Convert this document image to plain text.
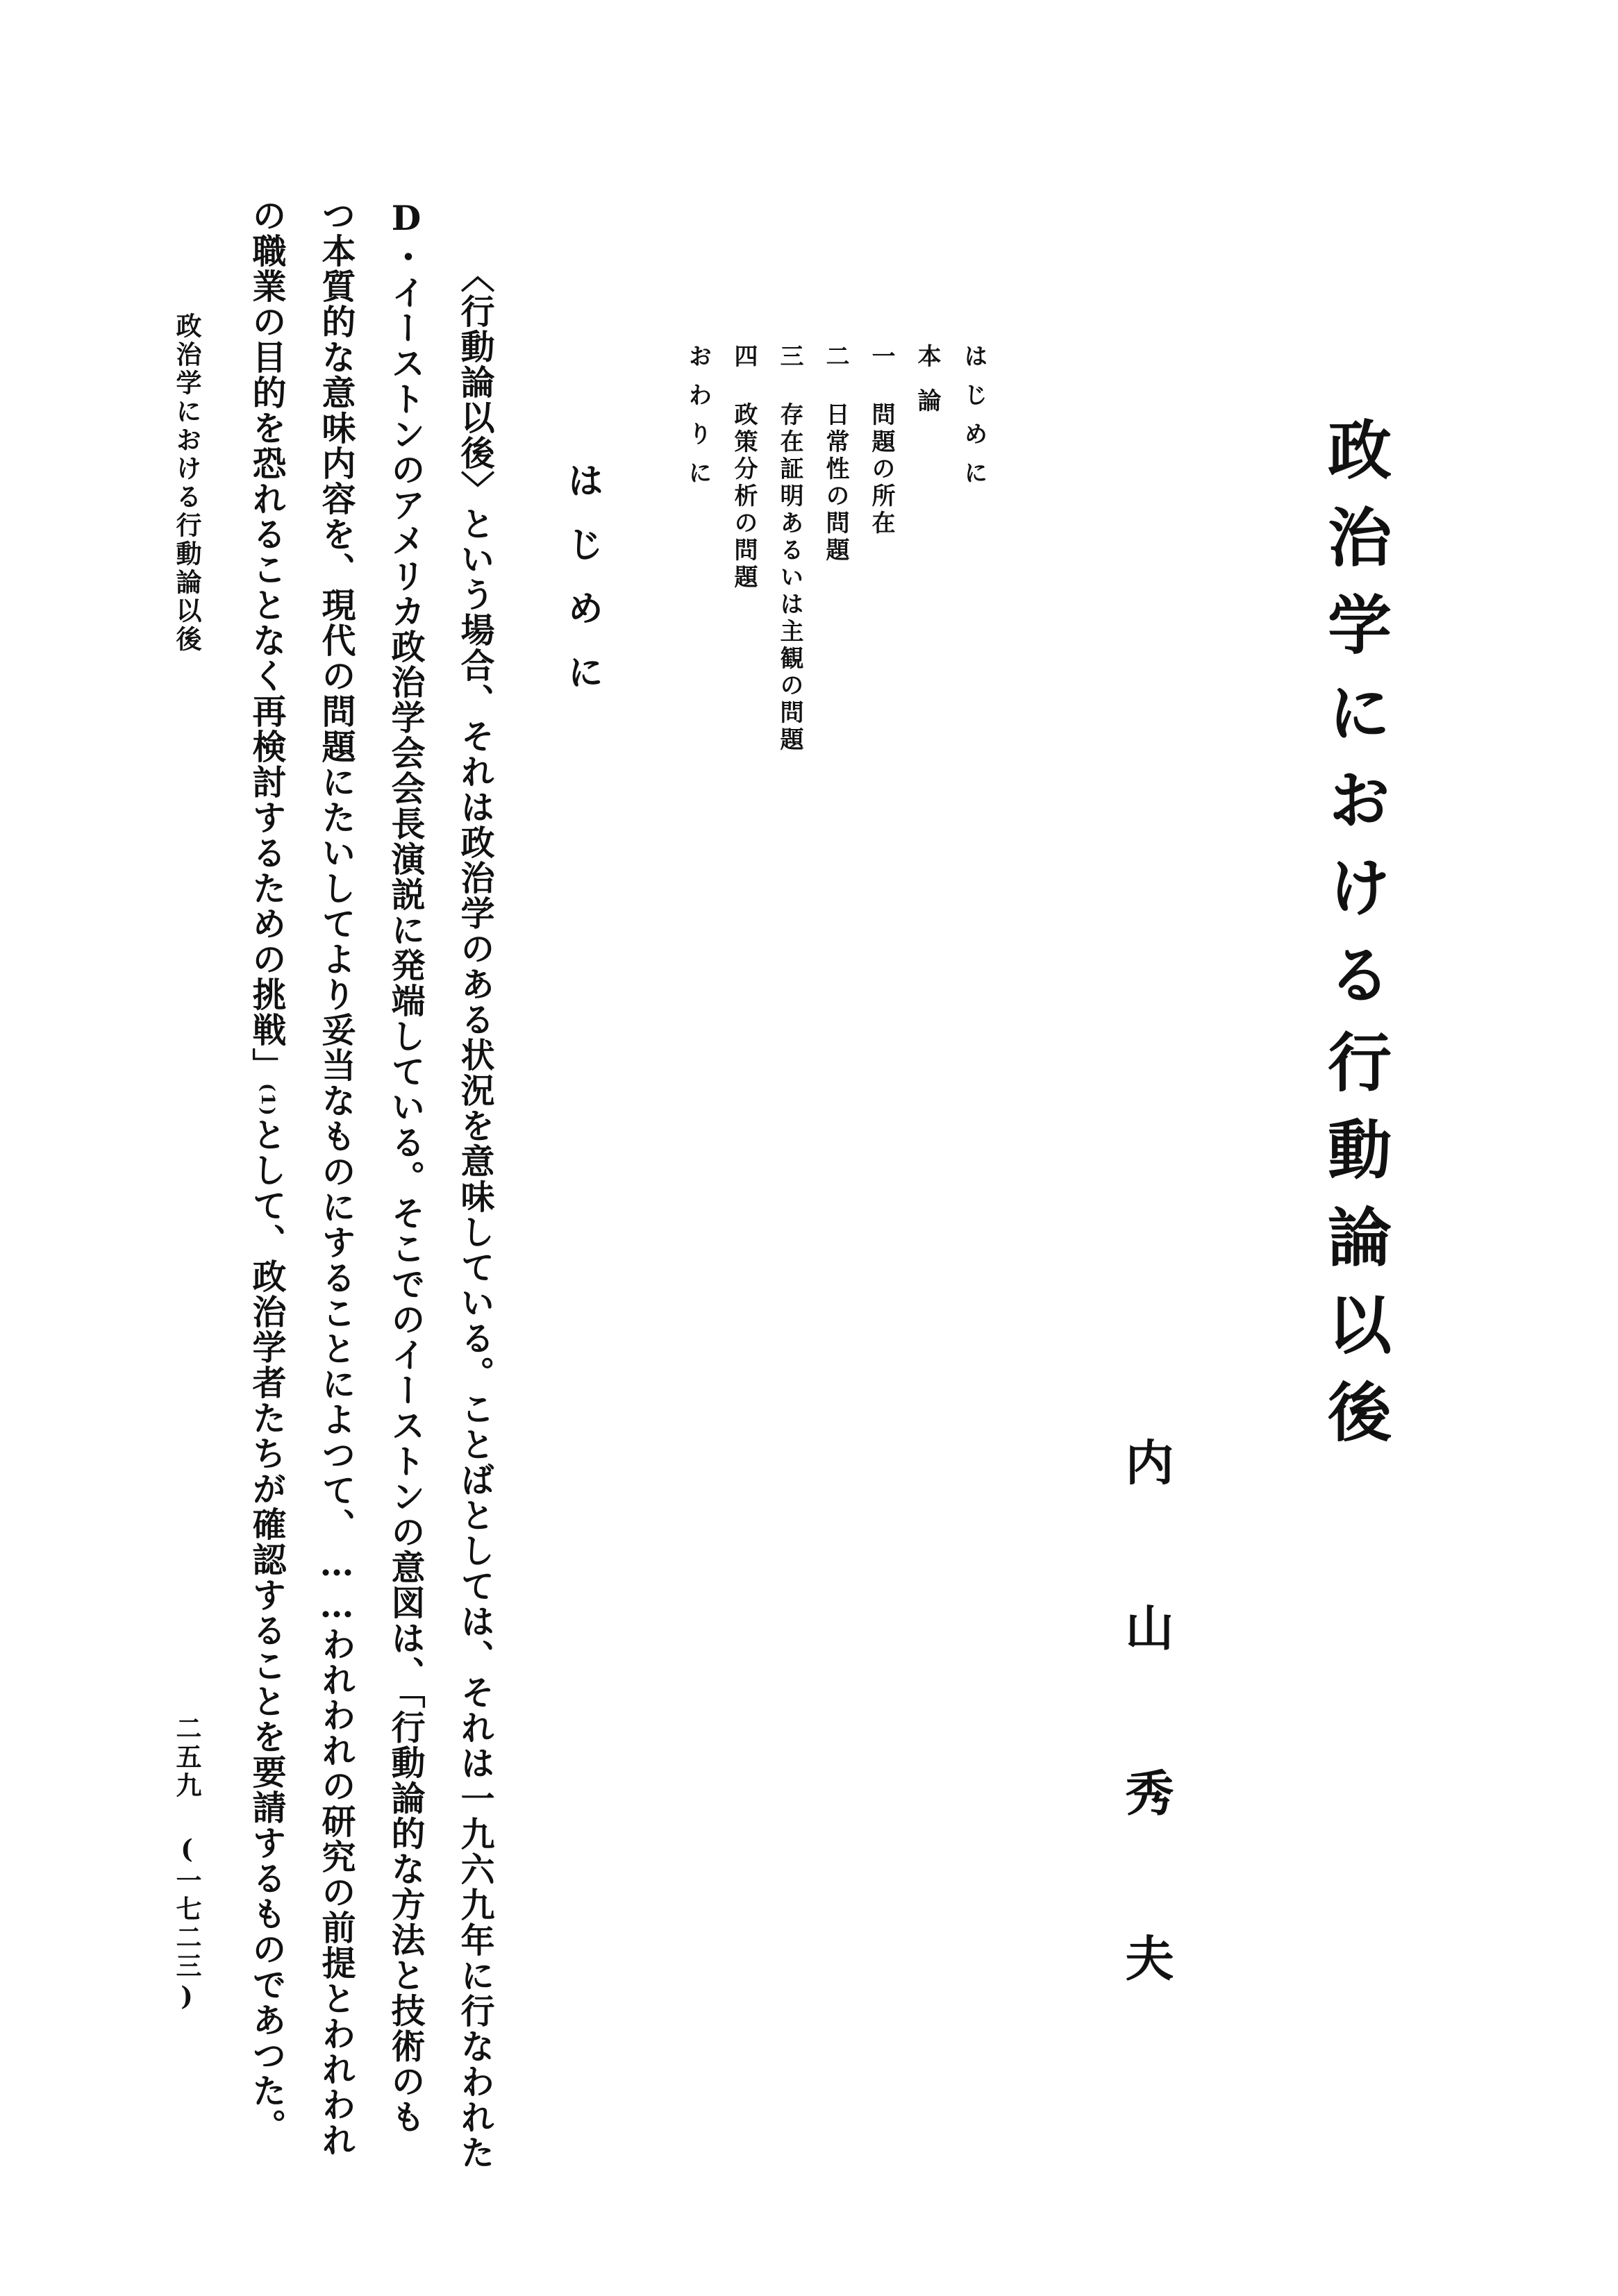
政治学における行動論以後
内山秀夫
はじめに
本論
一 問題の所在
二 日常性の問題
三 存在証明あるいは主観の問題
四 政策分析の問題
おわりに
はじめに
〈行動論以後〉という場合、それは政治学のある状況を意味している。ことばとしては、それは一九六九年に行なわれた
D・イーストンのアメリカ政治学会会長演説に発端している。そこでのイーストンの意図は、「行動論的な方法と技術のも
つ本質的な意味内容を、現代の問題にたいしてより妥当なものにすることによつて、……われわれの研究の前提とわれわれ
の職業の目的を恐れることなく再検討するための挑戦」(1)として、政治学者たちが確認することを要請するものであつた。
政治学における行動論以後
二五九 (一七二三)
